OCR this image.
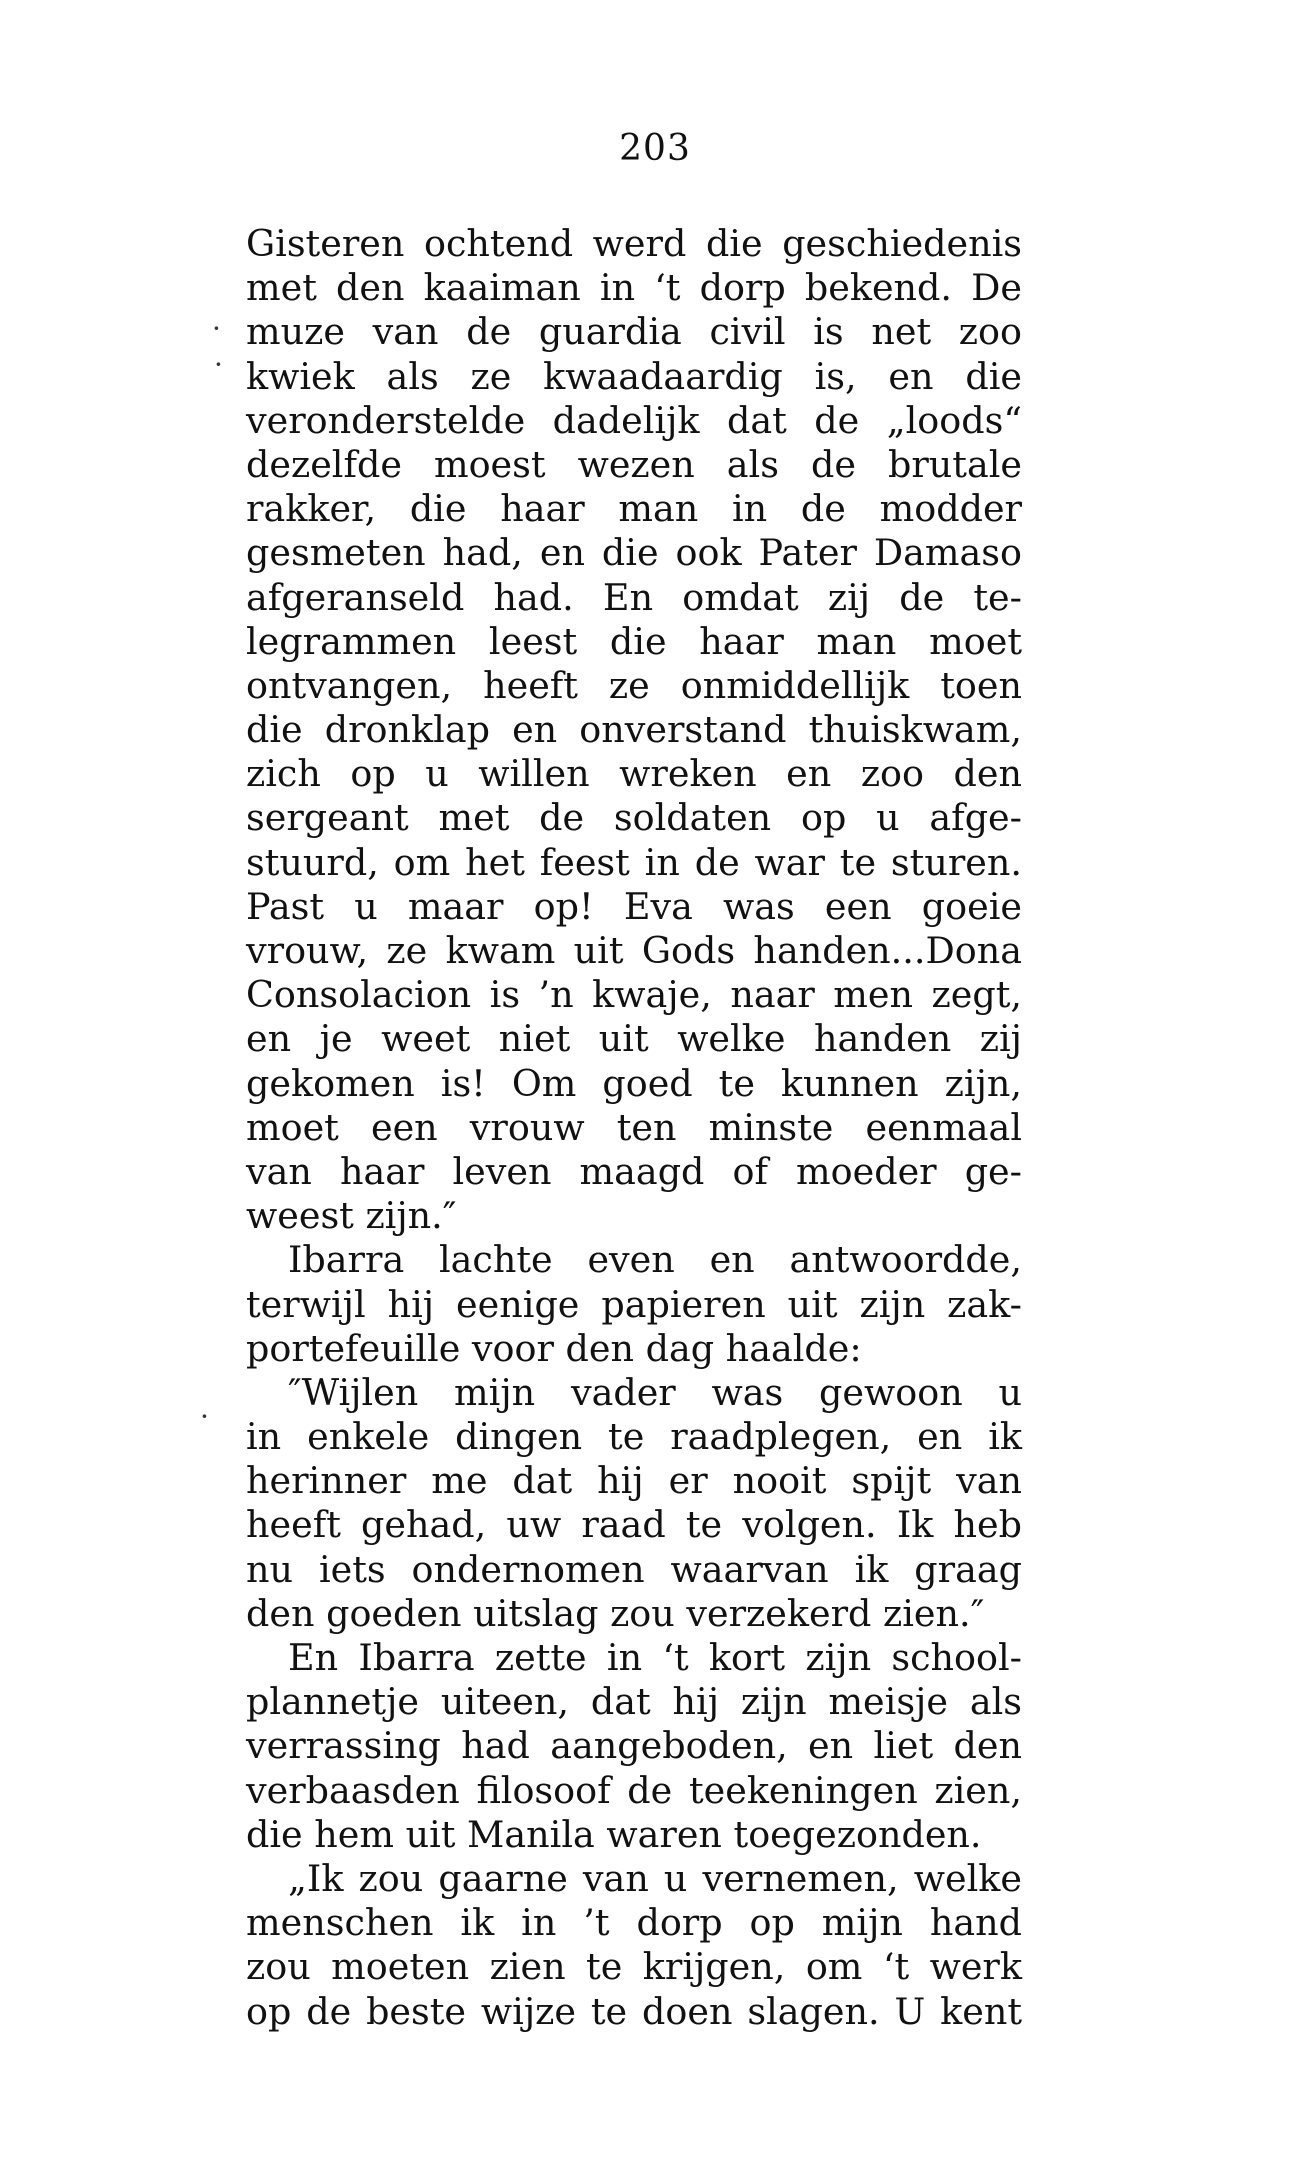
203
·
·
·
Gisteren ochtend werd die geschiedenis
met den kaaiman in ‘t dorp bekend. De
muze van de guardia civil is net zoo
kwiek als ze kwaadaardig is, en die
veronderstelde dadelijk dat de „loods“
dezelfde moest wezen als de brutale
rakker, die haar man in de modder
gesmeten had, en die ook Pater Damaso
afgeranseld had. En omdat zij de te-
legrammen leest die haar man moet
ontvangen, heeft ze onmiddellijk toen
die dronklap en onverstand thuiskwam,
zich op u willen wreken en zoo den
sergeant met de soldaten op u afge-
stuurd, om het feest in de war te sturen.
Past u maar op! Eva was een goeie
vrouw, ze kwam uit Gods handen...Dona
Consolacion is ’n kwaje, naar men zegt,
en je weet niet uit welke handen zij
gekomen is! Om goed te kunnen zijn,
moet een vrouw ten minste eenmaal
van haar leven maagd of moeder ge-
weest zijn.″
Ibarra lachte even en antwoordde,
terwijl hij eenige papieren uit zijn zak-
portefeuille voor den dag haalde:
″Wijlen mijn vader was gewoon u
in enkele dingen te raadplegen, en ik
herinner me dat hij er nooit spijt van
heeft gehad, uw raad te volgen. Ik heb
nu iets ondernomen waarvan ik graag
den goeden uitslag zou verzekerd zien.″
En Ibarra zette in ‘t kort zijn school-
plannetje uiteen, dat hij zijn meisje als
verrassing had aangeboden, en liet den
verbaasden filosoof de teekeningen zien,
die hem uit Manila waren toegezonden.
„Ik zou gaarne van u vernemen, welke
menschen ik in ’t dorp op mijn hand
zou moeten zien te krijgen, om ‘t werk
op de beste wijze te doen slagen. U kent
